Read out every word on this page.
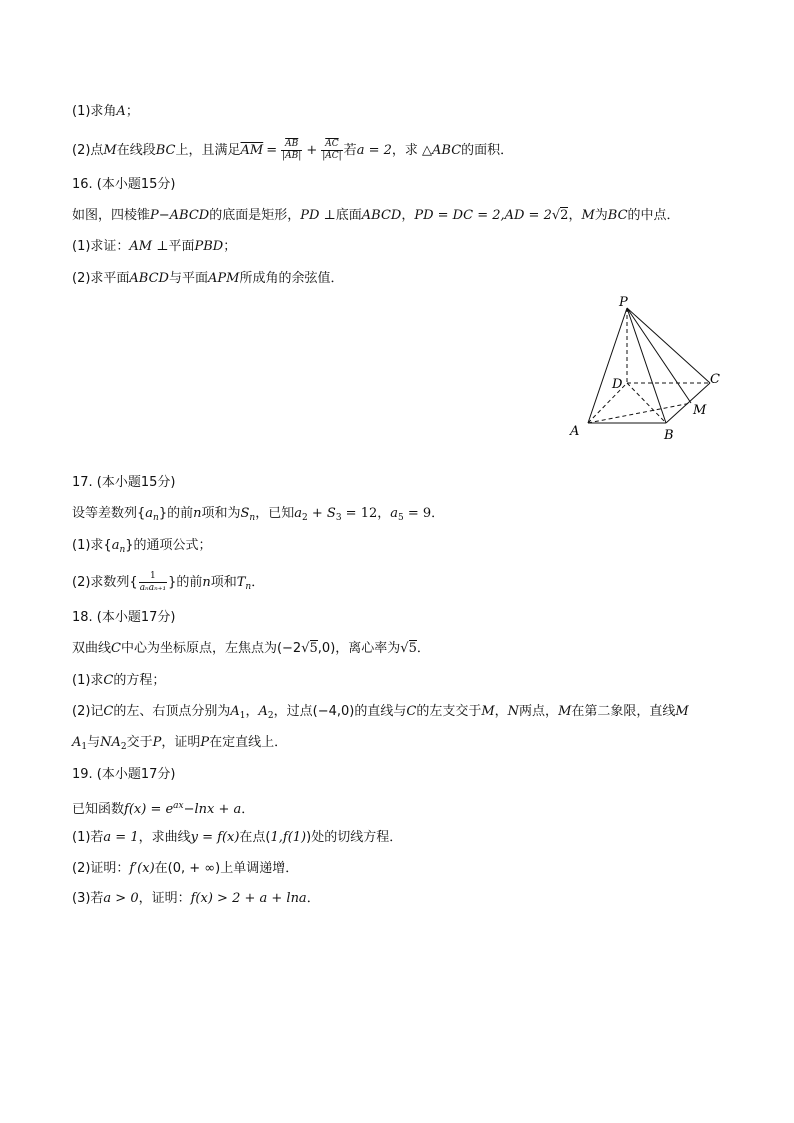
(1)求角A；
(2)点M在线段BC上，且满足$\overline{AM} = \frac{\overline{AB}}{|AB|} + \frac{\overline{AC}}{|AC|}$ 若a = 2，求 △ABC的面积．
16. (本小题15分)
如图，四棱锥P−ABCD的底面是矩形，PD ⊥底面ABCD，PD = DC = 2,AD = 2√2，M为BC的中点．
(1)求证：AM ⊥平面PBD；
(2)求平面ABCD与平面APM所成角的余弦值．
P
D	C
M
A	B
17. (本小题15分)
设等差数列$\{a_n\}$的前n项和为$S_n$，已知$a_2 + S_3 = 12$，$a_5 = 9$．
(1)求$\{a_n\}$的通项公式；
(2)求数列{ $\frac{1}{\text{aₙaₙ₊₁}}$ }的前n项和$T_n$．
18. (本小题17分)
双曲线C中心为坐标原点，左焦点为(−2√5,0)，离心率为√5．
(1)求C的方程；
(2)记C的左、右顶点分别为$A_1$，$A_2$，过点(−4,0)的直线与C的左支交于M，N两点，M在第二象限，直线M
$A_1$与$NA_2$交于P，证明P在定直线上．
19. (本小题17分)
已知函数$f(x) = e^{ax}-\ln x + a$．
(1)若a = 1，求曲线y = f(x)在点(1,f(1))处的切线方程．
(2)证明：f′(x)在(0, + ∞)上单调递增．
(3)若a > 0，证明：f(x) > 2 + a + lna．
